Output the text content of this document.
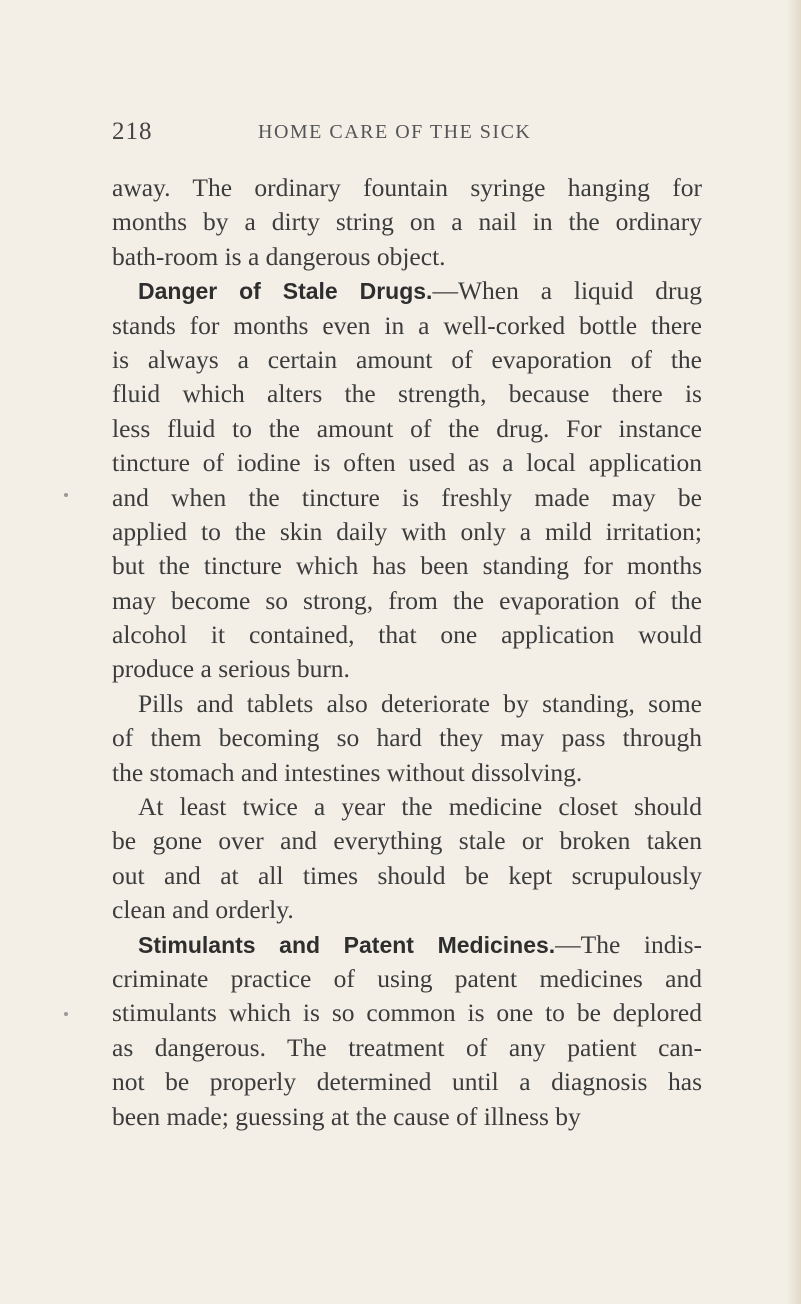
218	HOME CARE OF THE SICK
away. The ordinary fountain syringe hanging for
months by a dirty string on a nail in the ordinary
bath-room is a dangerous object.
Danger of Stale Drugs.—When a liquid drug
stands for months even in a well-corked bottle there
is always a certain amount of evaporation of the
fluid which alters the strength, because there is
less fluid to the amount of the drug. For instance
tincture of iodine is often used as a local application
and when the tincture is freshly made may be
applied to the skin daily with only a mild irritation;
but the tincture which has been standing for months
may become so strong, from the evaporation of the
alcohol it contained, that one application would
produce a serious burn.
Pills and tablets also deteriorate by standing, some
of them becoming so hard they may pass through
the stomach and intestines without dissolving.
At least twice a year the medicine closet should
be gone over and everything stale or broken taken
out and at all times should be kept scrupulously
clean and orderly.
Stimulants and Patent Medicines.—The indis-
criminate practice of using patent medicines and
stimulants which is so common is one to be deplored
as dangerous. The treatment of any patient can-
not be properly determined until a diagnosis has
been made; guessing at the cause of illness by
